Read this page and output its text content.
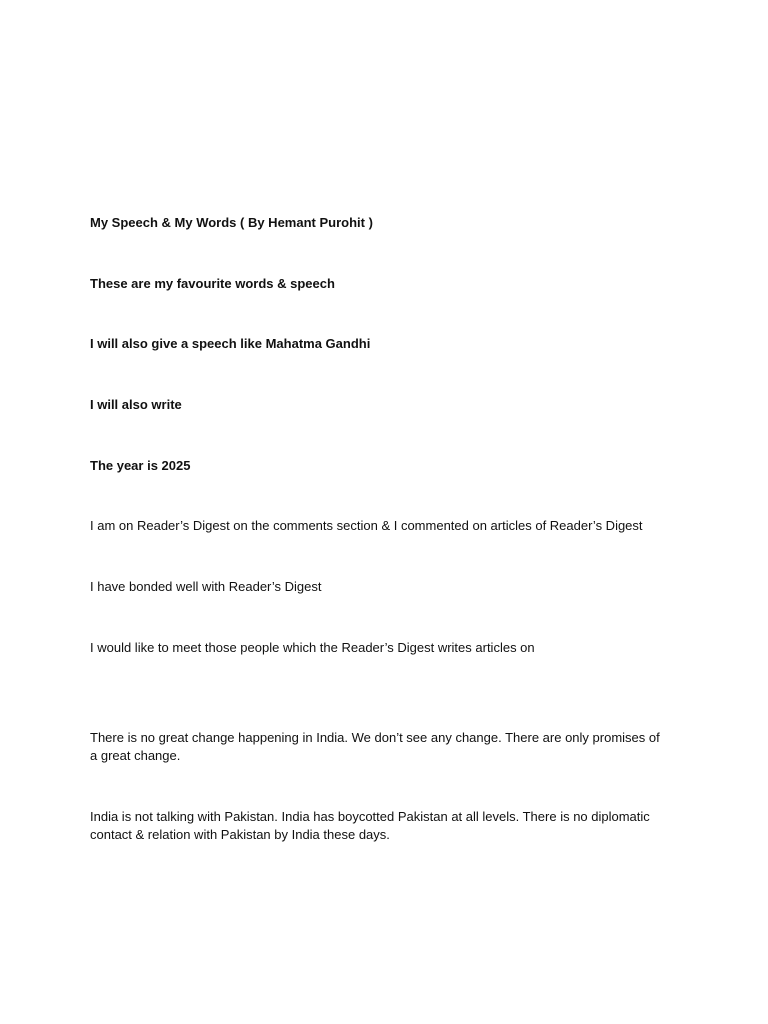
My Speech & My Words ( By Hemant Purohit )
These are my favourite words & speech
I will also give a speech like Mahatma Gandhi
I will also write
The year is 2025
I am on Reader’s Digest on the comments section & I commented on articles of Reader’s Digest
I have bonded well with Reader’s Digest
I would like to meet those people which the Reader’s Digest writes articles on
There is no great change happening in India. We don’t see any change. There are only promises of a great change.
India is not talking with Pakistan. India has boycotted Pakistan at all levels. There is no diplomatic contact & relation with Pakistan by India these days.
